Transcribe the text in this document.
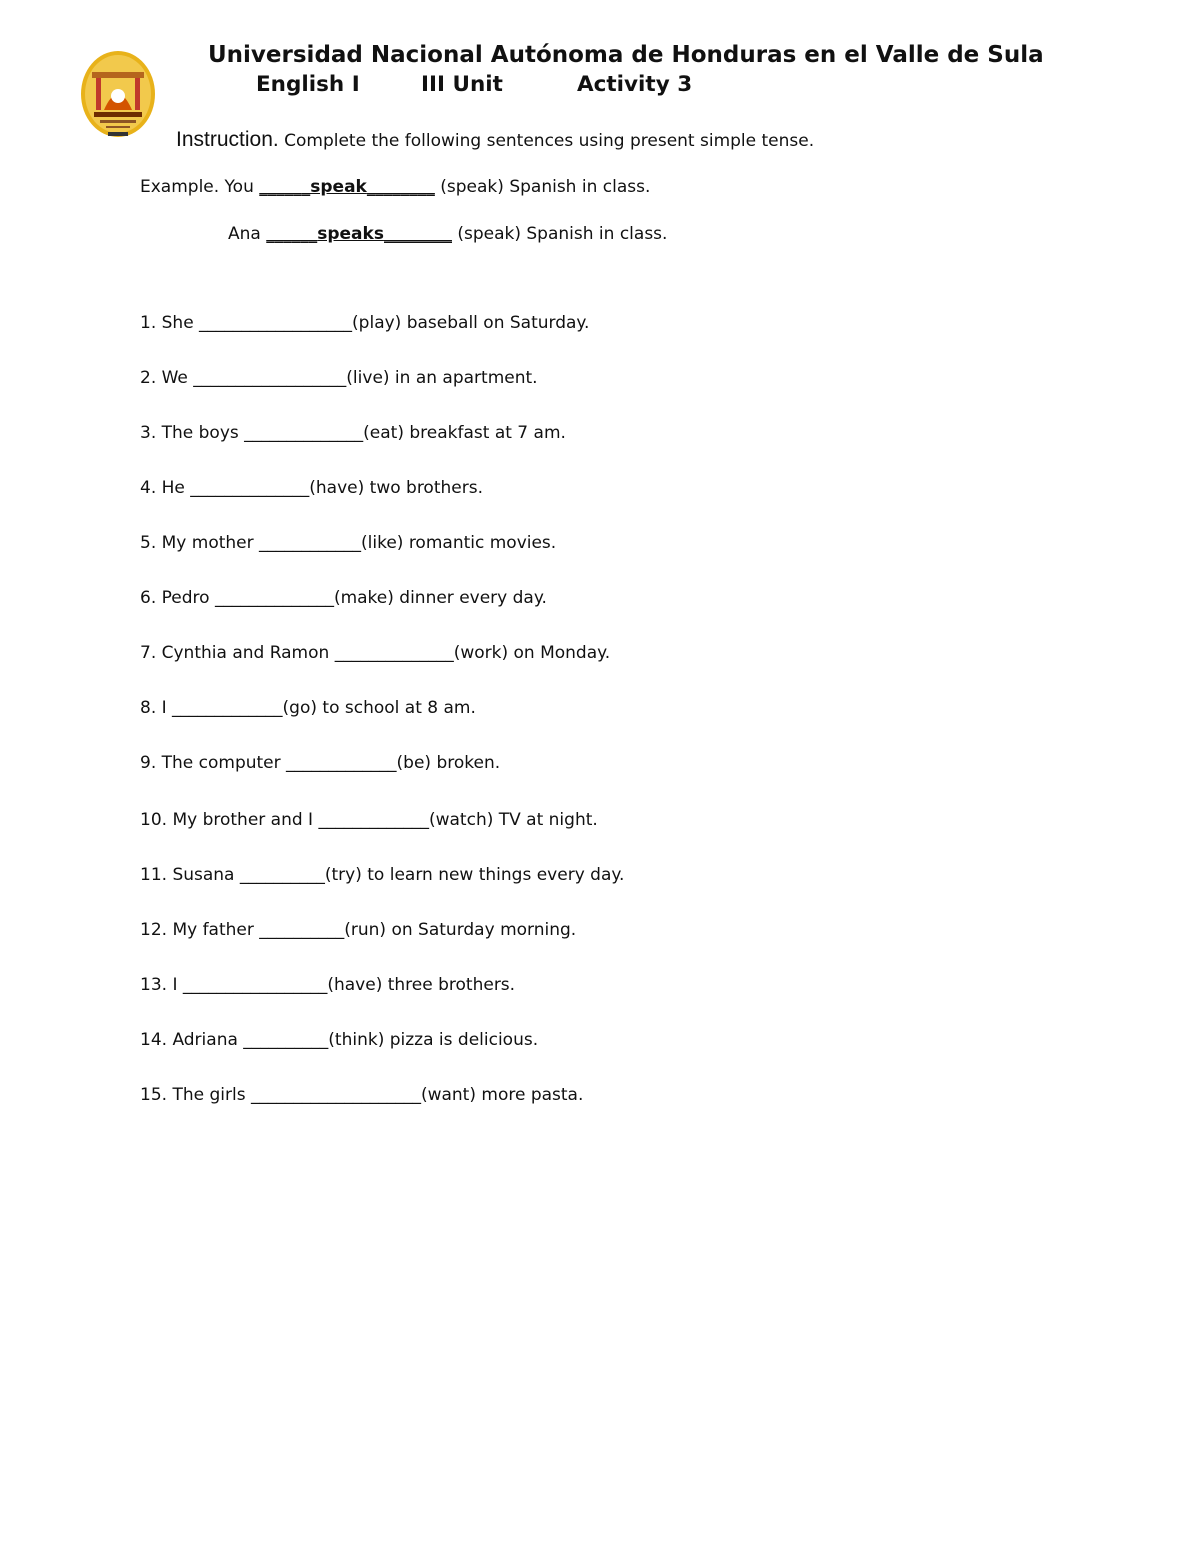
Universidad Nacional Autónoma de Honduras en el Valle de Sula
English I	III Unit	Activity 3
Instruction. Complete the following sentences using present simple tense.
Example. You ______speak________ (speak) Spanish in class.
Ana ______speaks________ (speak) Spanish in class.
1. She __________________(play) baseball on Saturday.
2. We __________________(live) in an apartment.
3. The boys ______________(eat) breakfast at 7 am.
4. He ______________(have) two brothers.
5. My mother ____________(like) romantic movies.
6. Pedro ______________(make) dinner every day.
7. Cynthia and Ramon ______________(work) on Monday.
8. I _____________(go) to school at 8 am.
9. The computer _____________(be) broken.
10. My brother and I _____________(watch) TV at night.
11. Susana __________(try) to learn new things every day.
12. My father __________(run) on Saturday morning.
13. I _________________(have) three brothers.
14. Adriana __________(think) pizza is delicious.
15. The girls ____________________(want) more pasta.
